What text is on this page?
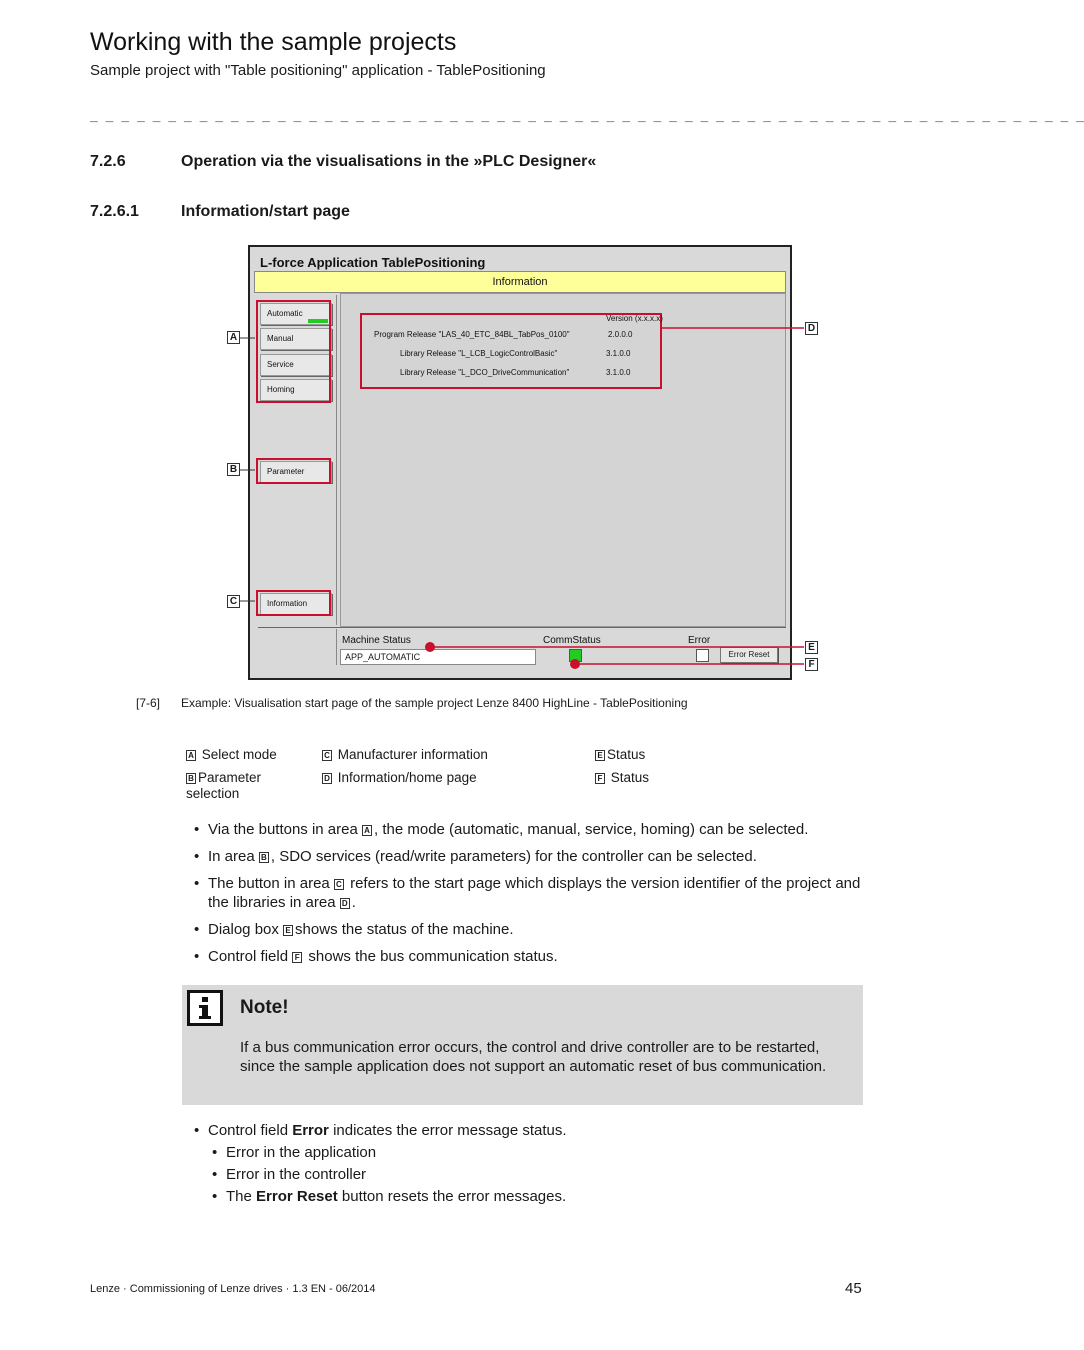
Working with the sample projects
Sample project with "Table positioning" application - TablePositioning
_ _ _ _ _ _ _ _ _ _ _ _ _ _ _ _ _ _ _ _ _ _ _ _ _ _ _ _ _ _ _ _ _ _ _ _ _ _ _ _ _ _ _ _ _ _ _ _ _ _ _ _ _ _ _ _ _ _ _ _ _ _ _ _
7.2.6	Operation via the visualisations in the »PLC Designer«
7.2.6.1	Information/start page
L-force Application TablePositioning
Information
Automatic
Manual
Service
Homing
Parameter
Information
Version (x.x.x.x)
Program Release "LAS_40_ETC_84BL_TabPos_0100"	2.0.0.0
Library Release "L_LCB_LogicControlBasic"	3.1.0.0
Library Release "L_DCO_DriveCommunication"	3.1.0.0
Machine Status
APP_AUTOMATIC
CommStatus	Error
Error Reset
A
B
C
D
E
F
[7-6] Example: Visualisation start page of the sample project Lenze 8400 HighLine - TablePositioning
A Select mode
B Parameter selection
C Manufacturer information
D Information/home page
E Status
F Status
• Via the buttons in area A , the mode (automatic, manual, service, homing) can be selected.
• In area B , SDO services (read/write parameters) for the controller can be selected.
• The button in area C refers to the start page which displays the version identifier of the project and the libraries in area D .
• Dialog box E shows the status of the machine.
• Control field F shows the bus communication status.
Note!
If a bus communication error occurs, the control and drive controller are to be restarted, since the sample application does not support an automatic reset of bus communication.
• Control field Error indicates the error message status.
• Error in the application
• Error in the controller
• The Error Reset button resets the error messages.
Lenze · Commissioning of Lenze drives · 1.3 EN - 06/2014	45
